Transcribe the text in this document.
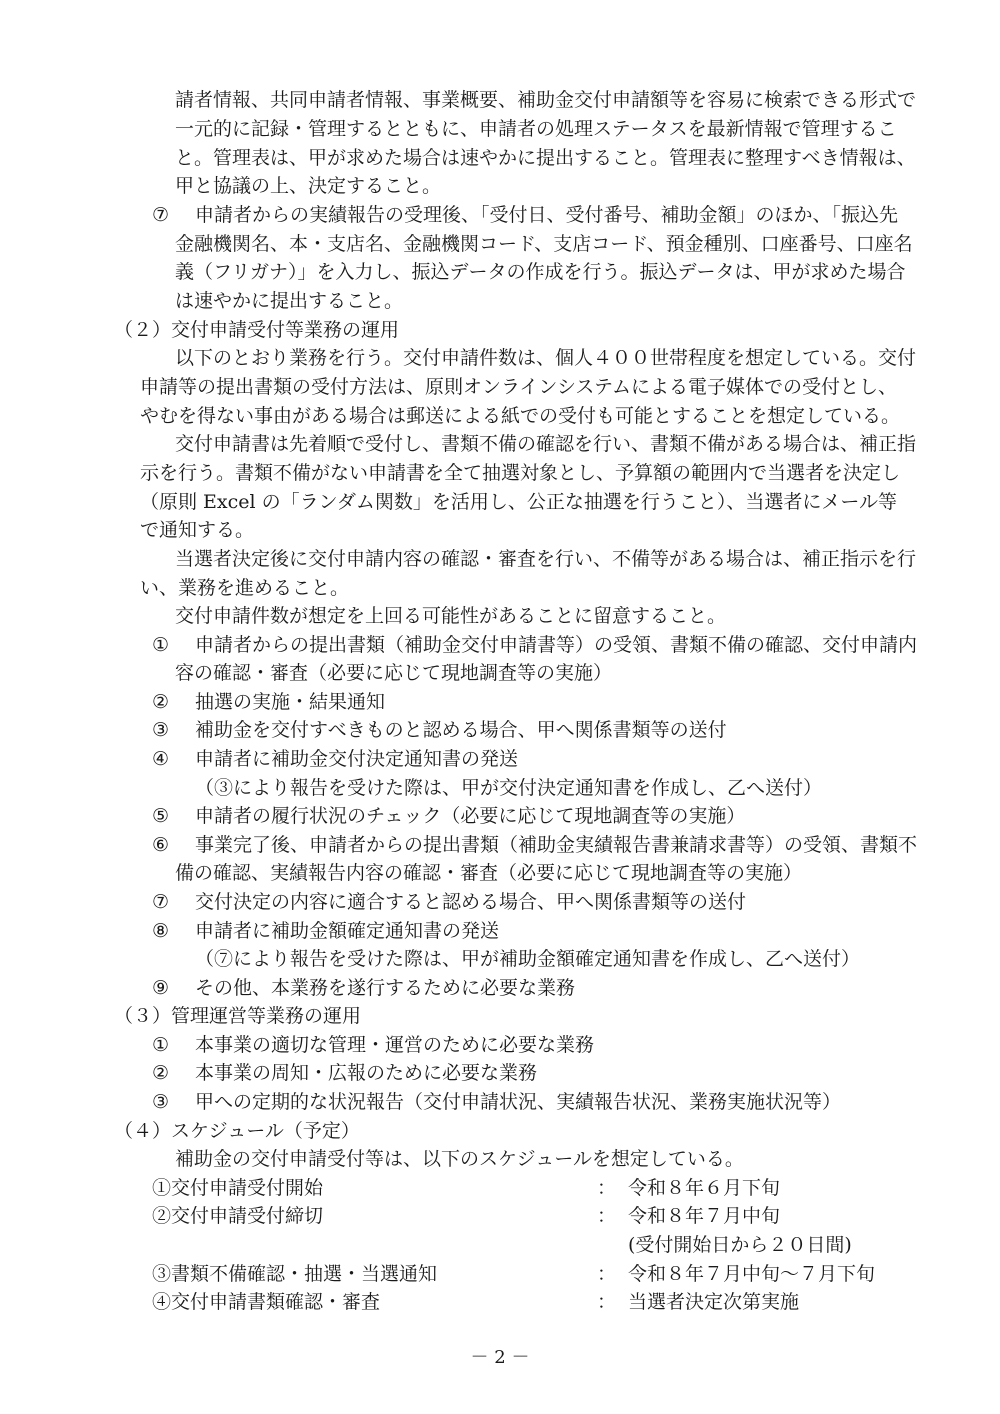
請者情報、共同申請者情報、事業概要、補助金交付申請額等を容易に検索できる形式で
一元的に記録・管理するとともに、申請者の処理ステータスを最新情報で管理するこ
と。管理表は、甲が求めた場合は速やかに提出すること。管理表に整理すべき情報は、
甲と協議の上、決定すること。
⑦ 申請者からの実績報告の受理後、「受付日、受付番号、補助金額」のほか、「振込先
金融機関名、本・支店名、金融機関コード、支店コード、預金種別、口座番号、口座名
義（フリガナ）」を入力し、振込データの作成を行う。振込データは、甲が求めた場合
は速やかに提出すること。
（２）交付申請受付等業務の運用
以下のとおり業務を行う。交付申請件数は、個人４００世帯程度を想定している。交付
申請等の提出書類の受付方法は、原則オンラインシステムによる電子媒体での受付とし、
やむを得ない事由がある場合は郵送による紙での受付も可能とすることを想定している。
交付申請書は先着順で受付し、書類不備の確認を行い、書類不備がある場合は、補正指
示を行う。書類不備がない申請書を全て抽選対象とし、予算額の範囲内で当選者を決定し
（原則 Excel の「ランダム関数」を活用し、公正な抽選を行うこと）、当選者にメール等
で通知する。
当選者決定後に交付申請内容の確認・審査を行い、不備等がある場合は、補正指示を行
い、業務を進めること。
交付申請件数が想定を上回る可能性があることに留意すること。
① 申請者からの提出書類（補助金交付申請書等）の受領、書類不備の確認、交付申請内
容の確認・審査（必要に応じて現地調査等の実施）
② 抽選の実施・結果通知
③ 補助金を交付すべきものと認める場合、甲へ関係書類等の送付
④ 申請者に補助金交付決定通知書の発送
（③により報告を受けた際は、甲が交付決定通知書を作成し、乙へ送付）
⑤ 申請者の履行状況のチェック（必要に応じて現地調査等の実施）
⑥ 事業完了後、申請者からの提出書類（補助金実績報告書兼請求書等）の受領、書類不
備の確認、実績報告内容の確認・審査（必要に応じて現地調査等の実施）
⑦ 交付決定の内容に適合すると認める場合、甲へ関係書類等の送付
⑧ 申請者に補助金額確定通知書の発送
（⑦により報告を受けた際は、甲が補助金額確定通知書を作成し、乙へ送付）
⑨ その他、本業務を遂行するために必要な業務
（３）管理運営等業務の運用
① 本事業の適切な管理・運営のために必要な業務
② 本事業の周知・広報のために必要な業務
③ 甲への定期的な状況報告（交付申請状況、実績報告状況、業務実施状況等）
（４）スケジュール（予定）
補助金の交付申請受付等は、以下のスケジュールを想定している。
①交付申請受付開始	： 令和８年６月下旬
②交付申請受付締切	： 令和８年７月中旬
(受付開始日から２０日間)
③書類不備確認・抽選・当選通知	： 令和８年７月中旬～７月下旬
④交付申請書類確認・審査	： 当選者決定次第実施
－ 2 －
